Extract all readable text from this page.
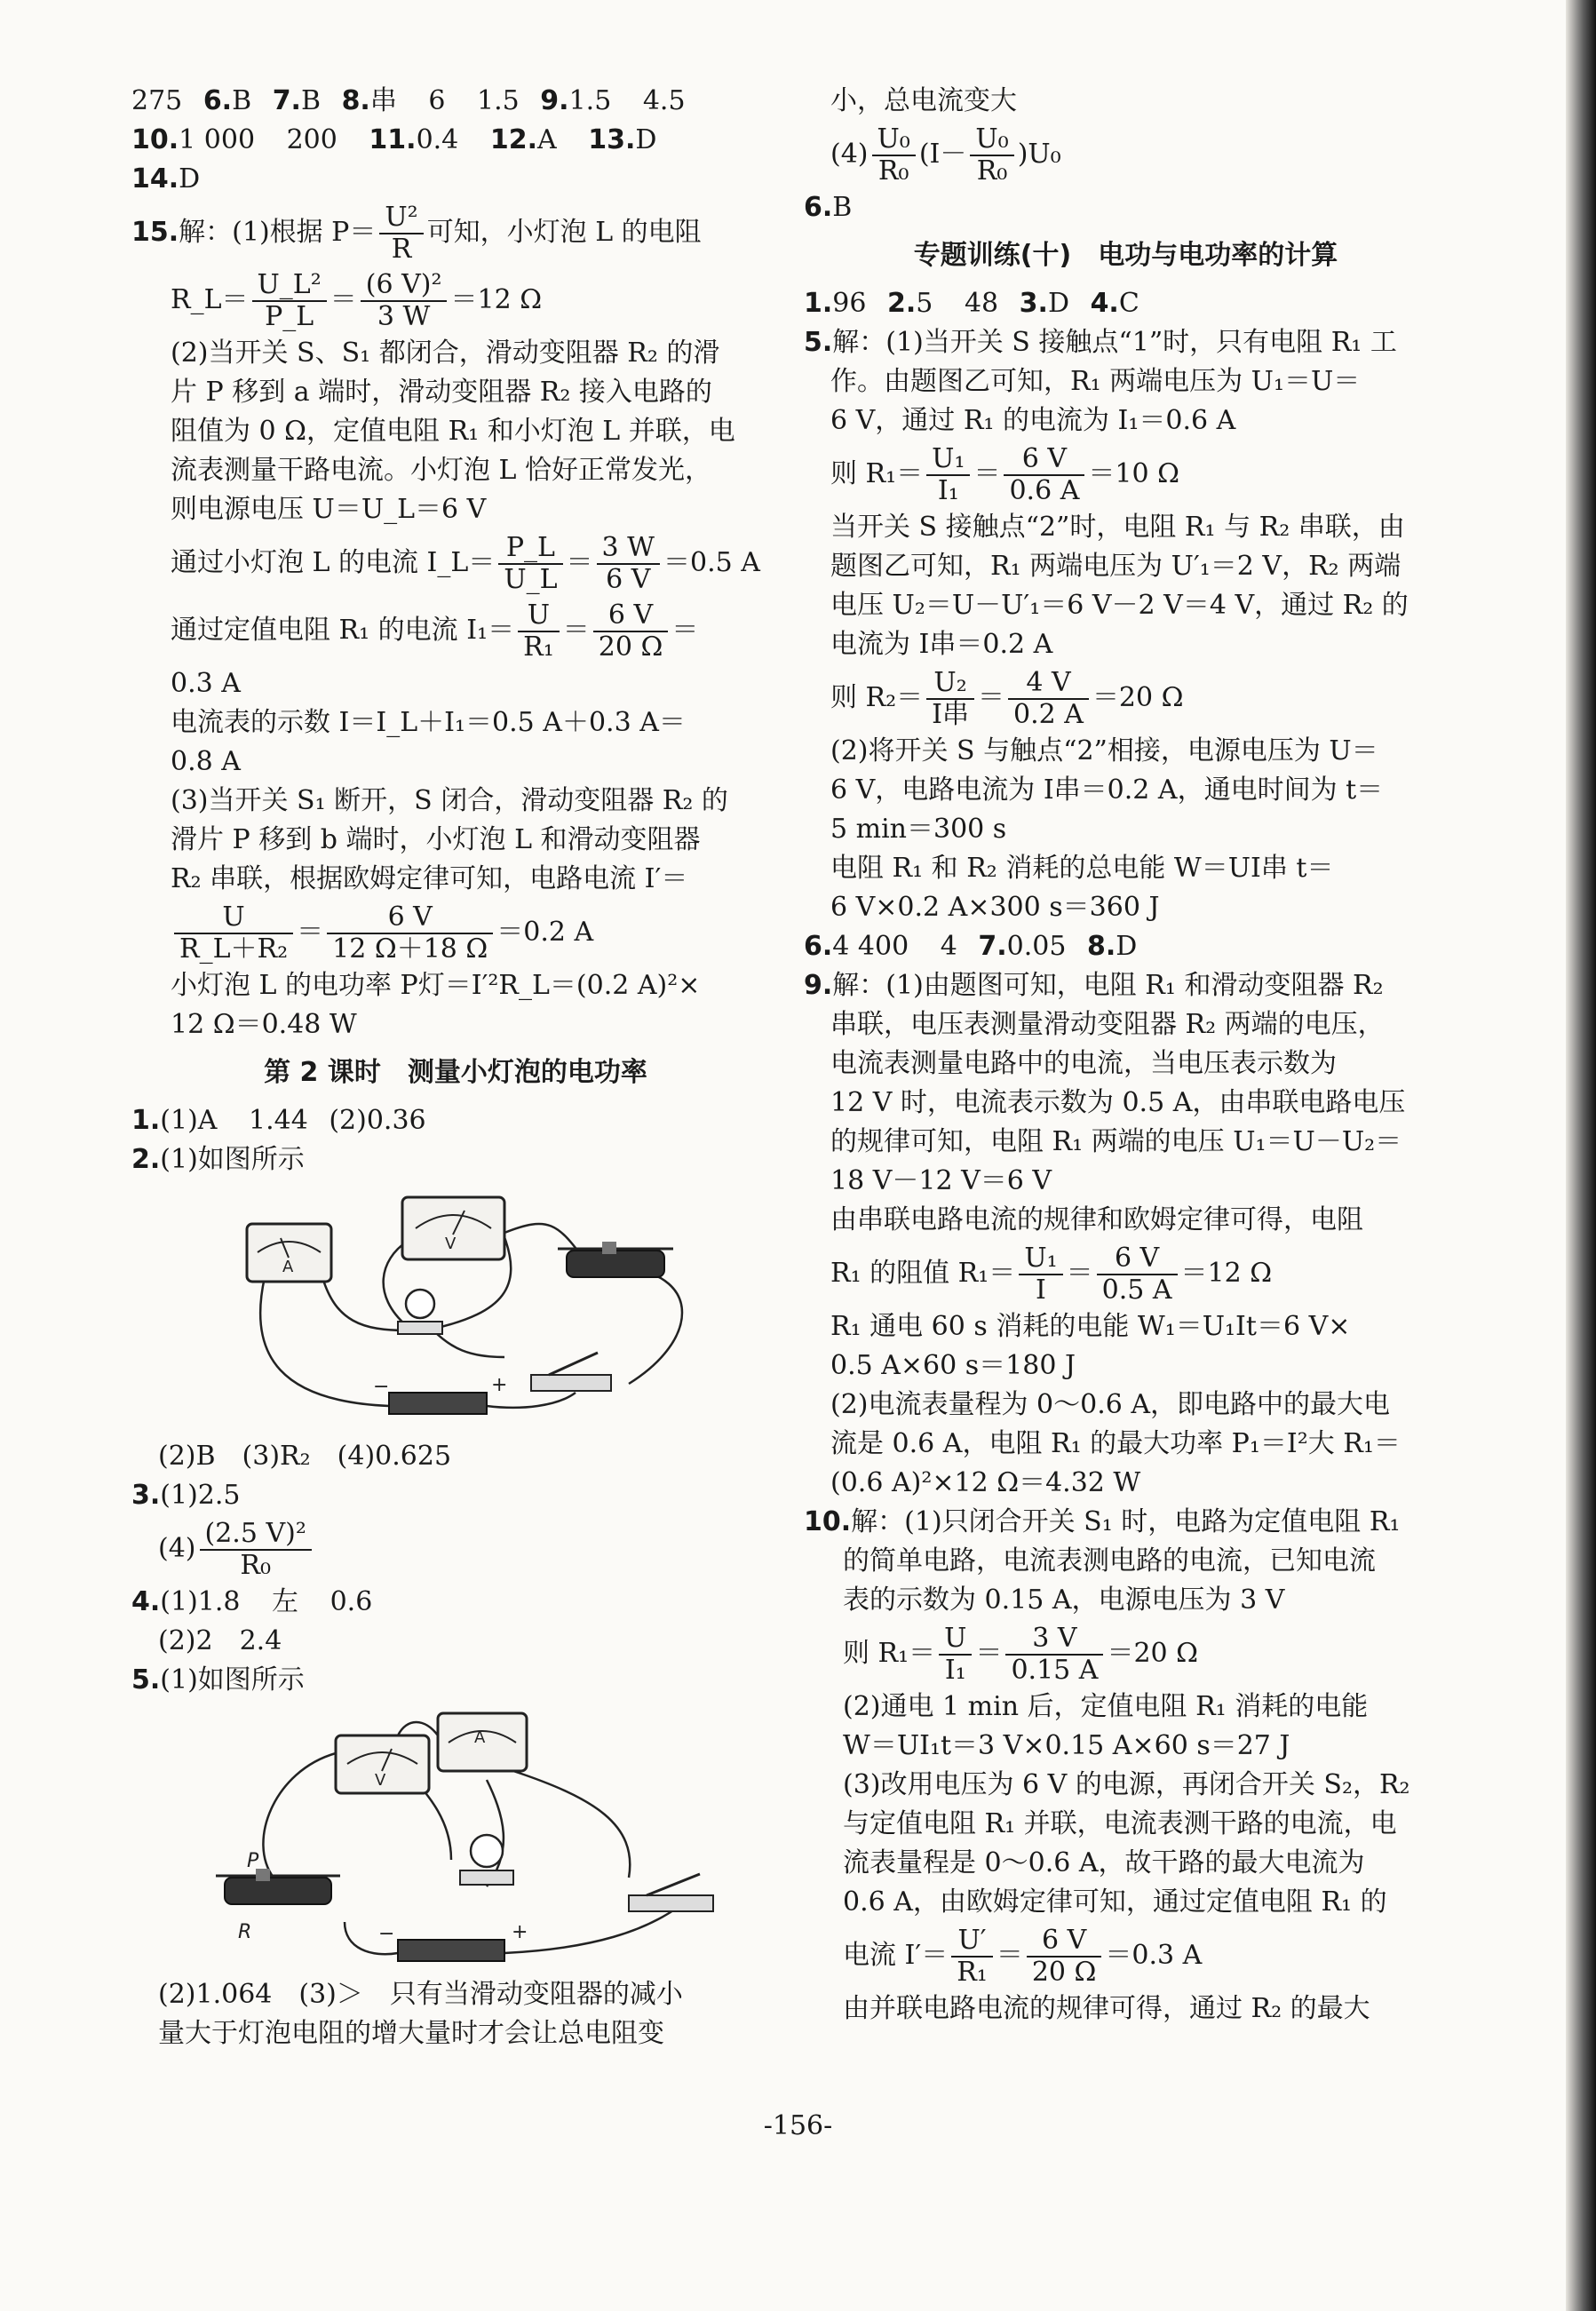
275 6.B 7.B 8.串 6 1.5 9.1.5 4.5
10.1 000 200 11.0.4 12.A 13.D
14.D
15.解：(1)根据 $P= \frac{\text{U²}}{R}$ 可知，小灯泡 L 的电阻
R_L＝ $\frac{\text{U\_L²}}{P\_L} = \frac{\text{(6 V)²}}{3 W} =12$ Ω
(2)当开关 S、S₁ 都闭合，滑动变阻器 R₂ 的滑
片 P 移到 a 端时，滑动变阻器 R₂ 接入电路的
阻值为 0 Ω，定值电阻 R₁ 和小灯泡 L 并联，电
流表测量干路电流。小灯泡 L 恰好正常发光，
则电源电压 U＝U_L＝6 V
通过小灯泡 L 的电流 I_L＝ $\frac{P\_L}{U\_L} = \frac{3 W}{6 V} =0.5$ A
通过定值电阻 R₁ 的电流 $I_1= \frac{U}{\text{R₁}} = \frac{6 V}{20 \Omega}$ ＝
0.3 A
电流表的示数 I＝I_L＋I₁＝0.5 A＋0.3 A＝
0.8 A
(3)当开关 S₁ 断开，S 闭合，滑动变阻器 R₂ 的
滑片 P 移到 b 端时，小灯泡 L 和滑动变阻器
R₂ 串联，根据欧姆定律可知，电路电流 I′＝
$\frac{U}{\text{R\_L＋R₂}} = \frac{6 V}{12 \Omega+18 \Omega} =0.2$ A
小灯泡 L 的电功率 P灯＝I′²R_L＝(0.2 A)²×
12 Ω＝0.48 W
第 2 课时　测量小灯泡的电功率
1.(1)A 1.44 (2)0.36
2.(1)如图所示
V
A
−	+
(2)B　(3)R₂　(4)0.625
3.(1)2.5
$(4) \frac{\text{(2.5 V)²}}{\text{R₀}}$
4.(1)1.8 左 0.6
(2)2　2.4
5.(1)如图所示
V
A
P
R	−	+
(2)1.064　(3)＞　只有当滑动变阻器的减小
量大于灯泡电阻的增大量时才会让总电阻变
小，总电流变大
$(4) \frac{\text{U₀}}{\text{R₀}} (I- \frac{\text{U₀}}{\text{R₀}} )U_0$
6.B
专题训练(十)　电功与电功率的计算
1.96 2.5 48 3.D 4.C
5.解：(1)当开关 S 接触点“1”时，只有电阻 R₁ 工
作。由题图乙可知，R₁ 两端电压为 U₁＝U＝
6 V，通过 R₁ 的电流为 I₁＝0.6 A
则 $R_1= \frac{\text{U₁}}{\text{I₁}} = \frac{6 V}{0.6 A} =10$ Ω
当开关 S 接触点“2”时，电阻 R₁ 与 R₂ 串联，由
题图乙可知，R₁ 两端电压为 U′₁＝2 V，R₂ 两端
电压 U₂＝U－U′₁＝6 V－2 V＝4 V，通过 R₂ 的
电流为 I串＝0.2 A
则 $R_2= \frac{\text{U₂}}{\text{I串}} = \frac{4 V}{0.2 A} =20$ Ω
(2)将开关 S 与触点“2”相接，电源电压为 U＝
6 V，电路电流为 I串＝0.2 A，通电时间为 t＝
5 min＝300 s
电阻 R₁ 和 R₂ 消耗的总电能 W＝UI串 t＝
6 V×0.2 A×300 s＝360 J
6.4 400 4 7.0.05 8.D
9.解：(1)由题图可知，电阻 R₁ 和滑动变阻器 R₂
串联，电压表测量滑动变阻器 R₂ 两端的电压，
电流表测量电路中的电流，当电压表示数为
12 V 时，电流表示数为 0.5 A，由串联电路电压
的规律可知，电阻 R₁ 两端的电压 U₁＝U－U₂＝
18 V－12 V＝6 V
由串联电路电流的规律和欧姆定律可得，电阻
R₁ 的阻值 $R_1= \frac{\text{U₁}}{I} = \frac{6 V}{0.5 A} =12$ Ω
R₁ 通电 60 s 消耗的电能 W₁＝U₁It＝6 V×
0.5 A×60 s＝180 J
(2)电流表量程为 0～0.6 A，即电路中的最大电
流是 0.6 A，电阻 R₁ 的最大功率 P₁＝I²大 R₁＝
(0.6 A)²×12 Ω＝4.32 W
10.解：(1)只闭合开关 S₁ 时，电路为定值电阻 R₁
的简单电路，电流表测电路的电流，已知电流
表的示数为 0.15 A，电源电压为 3 V
则 $R_1= \frac{U}{\text{I₁}} = \frac{3 V}{0.15 A} =20$ Ω
(2)通电 1 min 后，定值电阻 R₁ 消耗的电能
W＝UI₁t＝3 V×0.15 A×60 s＝27 J
(3)改用电压为 6 V 的电源，再闭合开关 S₂，R₂
与定值电阻 R₁ 并联，电流表测干路的电流，电
流表量程是 0～0.6 A，故干路的最大电流为
0.6 A，由欧姆定律可知，通过定值电阻 R₁ 的
电流 $I'= \frac{U'}{\text{R₁}} = \frac{6 V}{20 \Omega} =0.3$ A
由并联电路电流的规律可得，通过 R₂ 的最大
-156-
